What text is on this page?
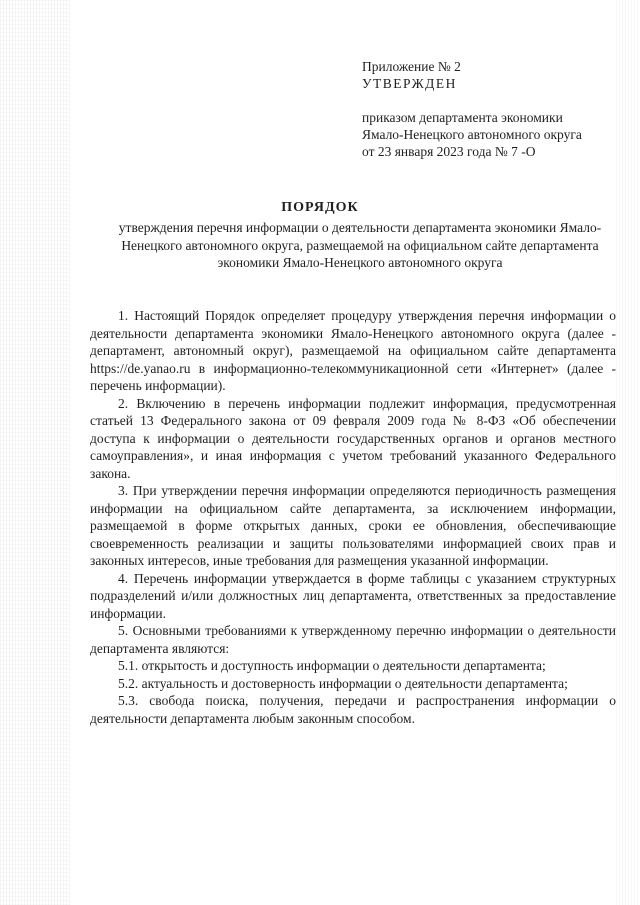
Приложение № 2
УТВЕРЖДЕН
приказом департамента экономики
Ямало-Ненецкого автономного округа
от 23 января 2023 года № 7 -О
ПОРЯДОК
утверждения перечня информации о деятельности департамента экономики Ямало-Ненецкого автономного округа, размещаемой на официальном сайте департамента экономики Ямало-Ненецкого автономного округа

1. Настоящий Порядок определяет процедуру утверждения перечня информации о деятельности департамента экономики Ямало-Ненецкого автономного округа (далее - департамент, автономный округ), размещаемой на официальном сайте департамента https://de.yanao.ru в информационно-телекоммуникационной сети «Интернет» (далее - перечень информации).

2. Включению в перечень информации подлежит информация, предусмотренная статьей 13 Федерального закона от 09 февраля 2009 года № 8-ФЗ «Об обеспечении доступа к информации о деятельности государственных органов и органов местного самоуправления», и иная информация с учетом требований указанного Федерального закона.

3. При утверждении перечня информации определяются периодичность размещения информации на официальном сайте департамента, за исключением информации, размещаемой в форме открытых данных, сроки ее обновления, обеспечивающие своевременность реализации и защиты пользователями информацией своих прав и законных интересов, иные требования для размещения указанной информации.

4. Перечень информации утверждается в форме таблицы с указанием структурных подразделений и/или должностных лиц департамента, ответственных за предоставление информации.

5. Основными требованиями к утвержденному перечню информации о деятельности департамента являются:

5.1. открытость и доступность информации о деятельности департамента;

5.2. актуальность и достоверность информации о деятельности департамента;

5.3. свобода поиска, получения, передачи и распространения информации о деятельности департамента любым законным способом.
